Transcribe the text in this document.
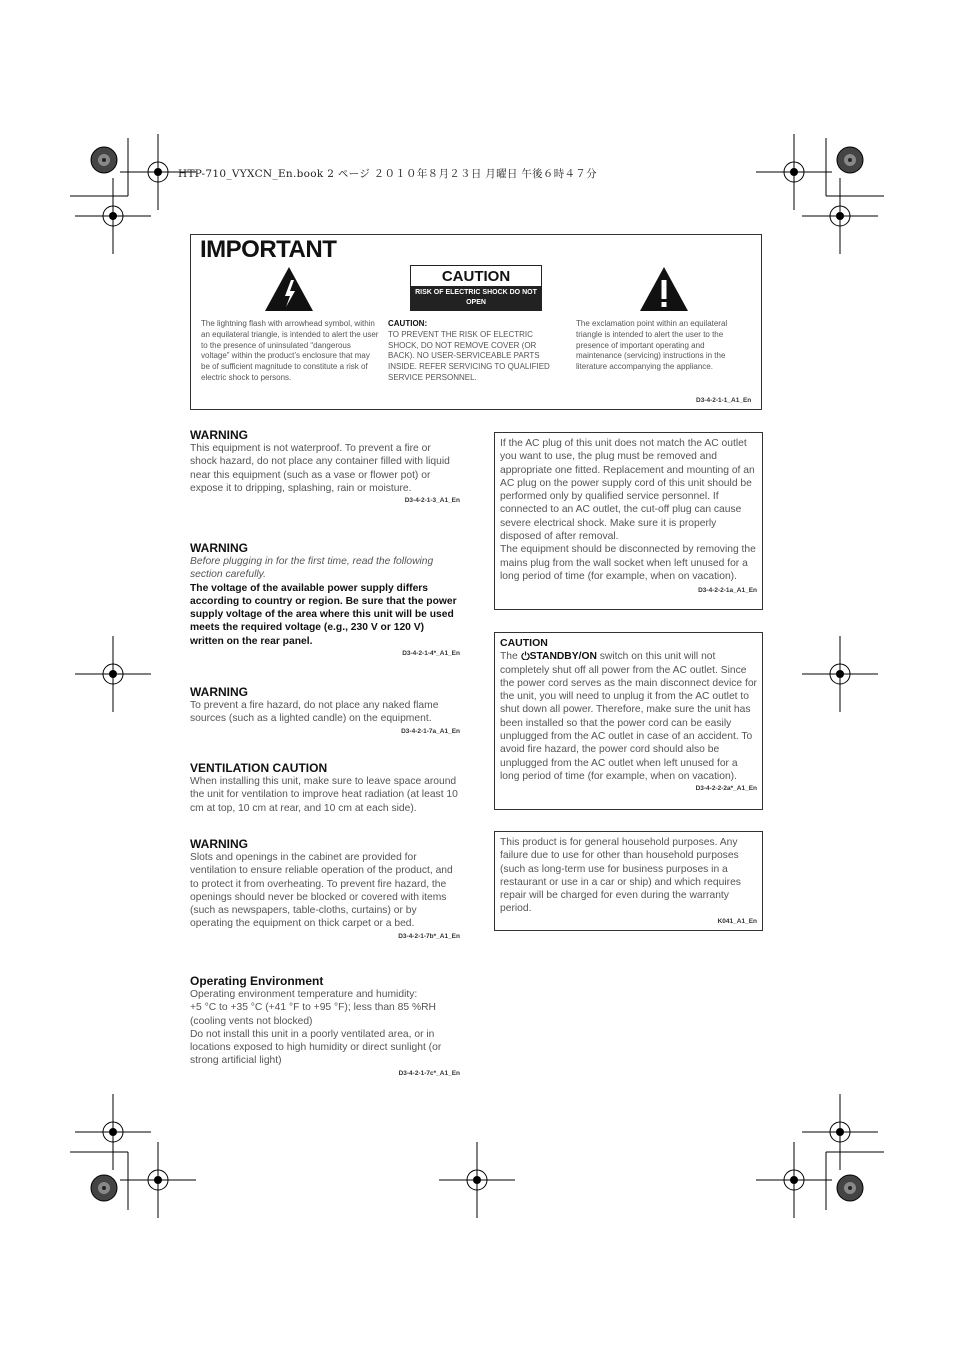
HTP-710_VYXCN_En.book 2 ページ ２０１０年８月２３日 月曜日 午後６時４７分
IMPORTANT
CAUTION
RISK OF ELECTRIC SHOCK DO NOT OPEN
The lightning flash with arrowhead symbol, within an equilateral triangle, is intended to alert the user to the presence of uninsulated “dangerous voltage” within the product’s enclosure that may be of sufficient magnitude to constitute a risk of electric shock to persons.
CAUTION:
TO PREVENT THE RISK OF ELECTRIC SHOCK, DO NOT REMOVE COVER (OR BACK). NO USER-SERVICEABLE PARTS INSIDE. REFER SERVICING TO QUALIFIED SERVICE PERSONNEL.
The exclamation point within an equilateral triangle is intended to alert the user to the presence of important operating and maintenance (servicing) instructions in the literature accompanying the appliance.
D3-4-2-1-1_A1_En
WARNING
This equipment is not waterproof. To prevent a fire or shock hazard, do not place any container filled with liquid near this equipment (such as a vase or flower pot) or expose it to dripping, splashing, rain or moisture.
D3-4-2-1-3_A1_En
WARNING
Before plugging in for the first time, read the following section carefully.
The voltage of the available power supply differs according to country or region. Be sure that the power supply voltage of the area where this unit will be used meets the required voltage (e.g., 230 V or 120 V) written on the rear panel.
D3-4-2-1-4*_A1_En
WARNING
To prevent a fire hazard, do not place any naked flame sources (such as a lighted candle) on the equipment.
D3-4-2-1-7a_A1_En
VENTILATION CAUTION
When installing this unit, make sure to leave space around the unit for ventilation to improve heat radiation (at least 10 cm at top, 10 cm at rear, and 10 cm at each side).
WARNING
Slots and openings in the cabinet are provided for ventilation to ensure reliable operation of the product, and to protect it from overheating. To prevent fire hazard, the openings should never be blocked or covered with items (such as newspapers, table-cloths, curtains) or by operating the equipment on thick carpet or a bed.
D3-4-2-1-7b*_A1_En
Operating Environment
Operating environment temperature and humidity:
+5 °C to +35 °C (+41 °F to +95 °F); less than 85 %RH (cooling vents not blocked)
Do not install this unit in a poorly ventilated area, or in locations exposed to high humidity or direct sunlight (or strong artificial light)
D3-4-2-1-7c*_A1_En
If the AC plug of this unit does not match the AC outlet you want to use, the plug must be removed and appropriate one fitted. Replacement and mounting of an AC plug on the power supply cord of this unit should be performed only by qualified service personnel. If connected to an AC outlet, the cut-off plug can cause severe electrical shock. Make sure it is properly disposed of after removal.
The equipment should be disconnected by removing the mains plug from the wall socket when left unused for a long period of time (for example, when on vacation).
D3-4-2-2-1a_A1_En
CAUTION
The STANDBY/ON switch on this unit will not completely shut off all power from the AC outlet. Since the power cord serves as the main disconnect device for the unit, you will need to unplug it from the AC outlet to shut down all power. Therefore, make sure the unit has been installed so that the power cord can be easily unplugged from the AC outlet in case of an accident. To avoid fire hazard, the power cord should also be unplugged from the AC outlet when left unused for a long period of time (for example, when on vacation).
D3-4-2-2-2a*_A1_En
This product is for general household purposes. Any failure due to use for other than household purposes (such as long-term use for business purposes in a restaurant or use in a car or ship) and which requires repair will be charged for even during the warranty period.
K041_A1_En
